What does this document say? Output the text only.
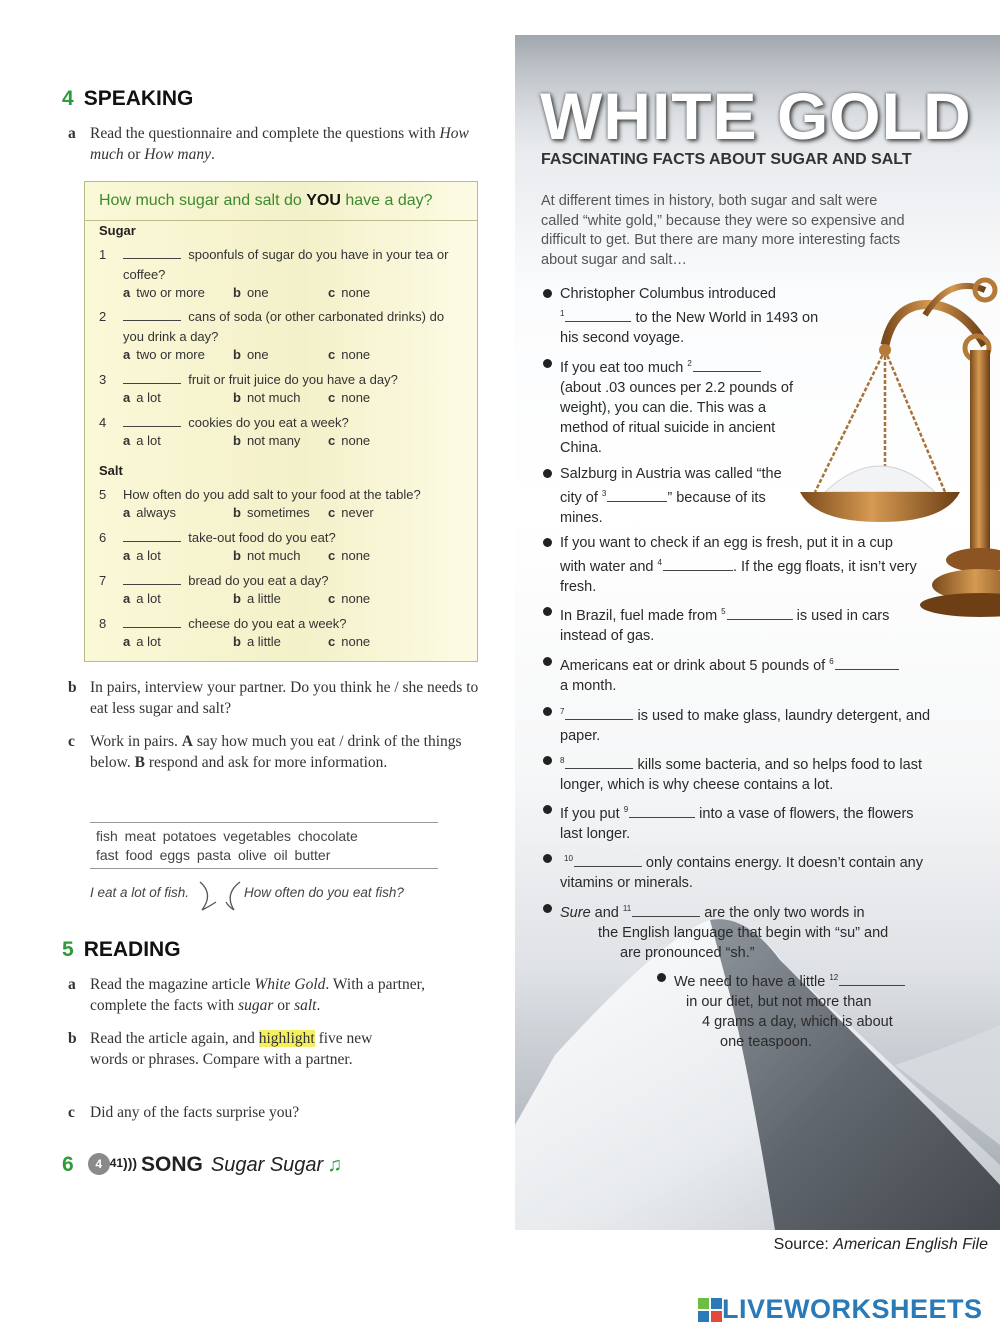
WHITE GOLD
FASCINATING FACTS ABOUT SUGAR AND SALT
At different times in history, both sugar and salt were called “white gold,” because they were so expensive and difficult to get. But there are many more interesting facts about sugar and salt…
Christopher Columbus introduced
$^1$	to the New World in 1493 on his second voyage.
If you eat too much $^2$
(about .03 ounces per 2.2 pounds of weight), you can die. This was a method of ritual suicide in ancient China.
Salzburg in Austria was called “the city of $^3$	” because of its mines.
If you want to check if an egg is fresh, put it in a cup with water and $^4$	. If the egg floats, it isn’t very fresh.
In Brazil, fuel made from $^5$	is used in cars instead of gas.
Americans eat or drink about 5 pounds of $^6$
a month.
$^7$	is used to make glass, laundry detergent, and paper.
$^8$	kills some bacteria, and so helps food to last longer, which is why cheese contains a lot.
If you put $^9$	into a vase of flowers, the flowers last longer.
$^{10}$	only contains energy. It doesn’t contain any vitamins or minerals.
Sure and $^{11}$	are the only two words in
the English language that begin with “su” and
are pronounced “sh.”
We need to have a little $^{12}$
in our diet, but not more than
4 grams a day, which is about
one teaspoon.
4 SPEAKING
a Read the questionnaire and complete the questions with How much or How many.
How much sugar and salt do YOU have a day?
Sugar
1	spoonfuls of sugar do you have in your tea or coffee?
a two or more b one	c none
2	cans of soda (or other carbonated drinks) do you drink a day?
a two or more b one	c none
3	fruit or fruit juice do you have a day?
a a lot	b not much c none
4	cookies do you eat a week?
a a lot	b not many c none
Salt
5 How often do you add salt to your food at the table?
a always	b sometimes c never
6	take-out food do you eat?
a a lot	b not much c none
7	bread do you eat a day?
a a lot	b a little	c none
8	cheese do you eat a week?
a a lot	b a little	c none
b In pairs, interview your partner. Do you think he / she needs to eat less sugar and salt?
c Work in pairs. A say how much you eat / drink of the things below. B respond and ask for more information.
fish meat potatoes vegetables chocolate
fast food eggs pasta olive oil butter
I eat a lot of fish.	How often do you eat fish?
5 READING
a Read the magazine article White Gold. With a partner, complete the facts with sugar or salt.
b Read the article again, and highlight five new words or phrases. Compare with a partner.
c Did any of the facts surprise you?
6 4 41))) SONG Sugar Sugar ♫
Source: American English File
LIVEWORKSHEETS
